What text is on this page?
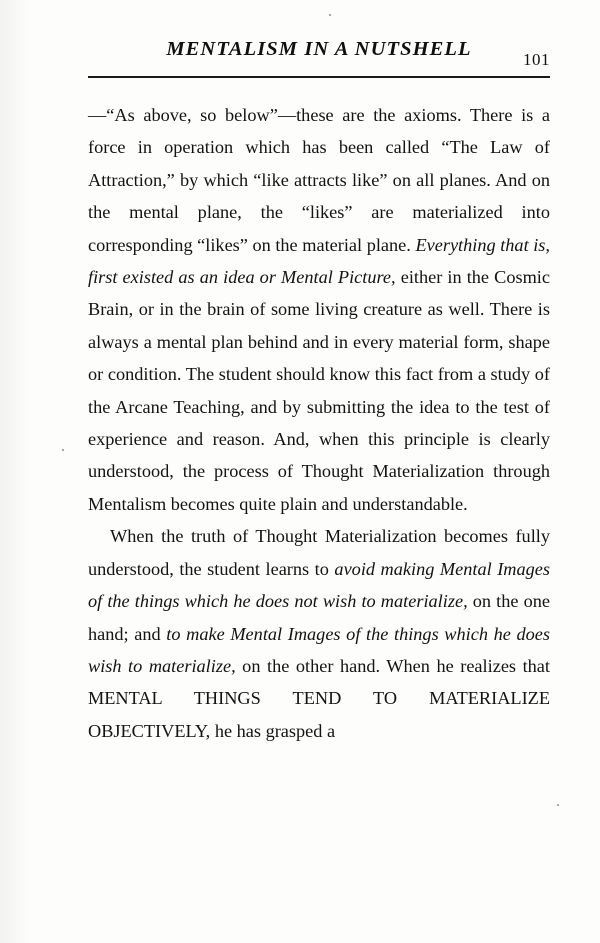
MENTALISM IN A NUTSHELL	101

—“As above, so below”—these are the axioms. There is a force in operation which has been called “The Law of Attraction,” by which “like attracts like” on all planes. And on the mental plane, the “likes” are materialized into corresponding “likes” on the material plane. Everything that is, first existed as an idea or Mental Picture, either in the Cosmic Brain, or in the brain of some living creature as well. There is always a mental plan behind and in every material form, shape or condition. The student should know this fact from a study of the Arcane Teaching, and by submitting the idea to the test of experience and reason. And, when this principle is clearly understood, the process of Thought Materialization through Mentalism becomes quite plain and understandable.

When the truth of Thought Materialization becomes fully understood, the student learns to avoid making Mental Images of the things which he does not wish to materialize, on the one hand; and to make Mental Images of the things which he does wish to materialize, on the other hand. When he realizes that MENTAL THINGS TEND TO MATERIALIZE OBJECTIVELY, he has grasped a
